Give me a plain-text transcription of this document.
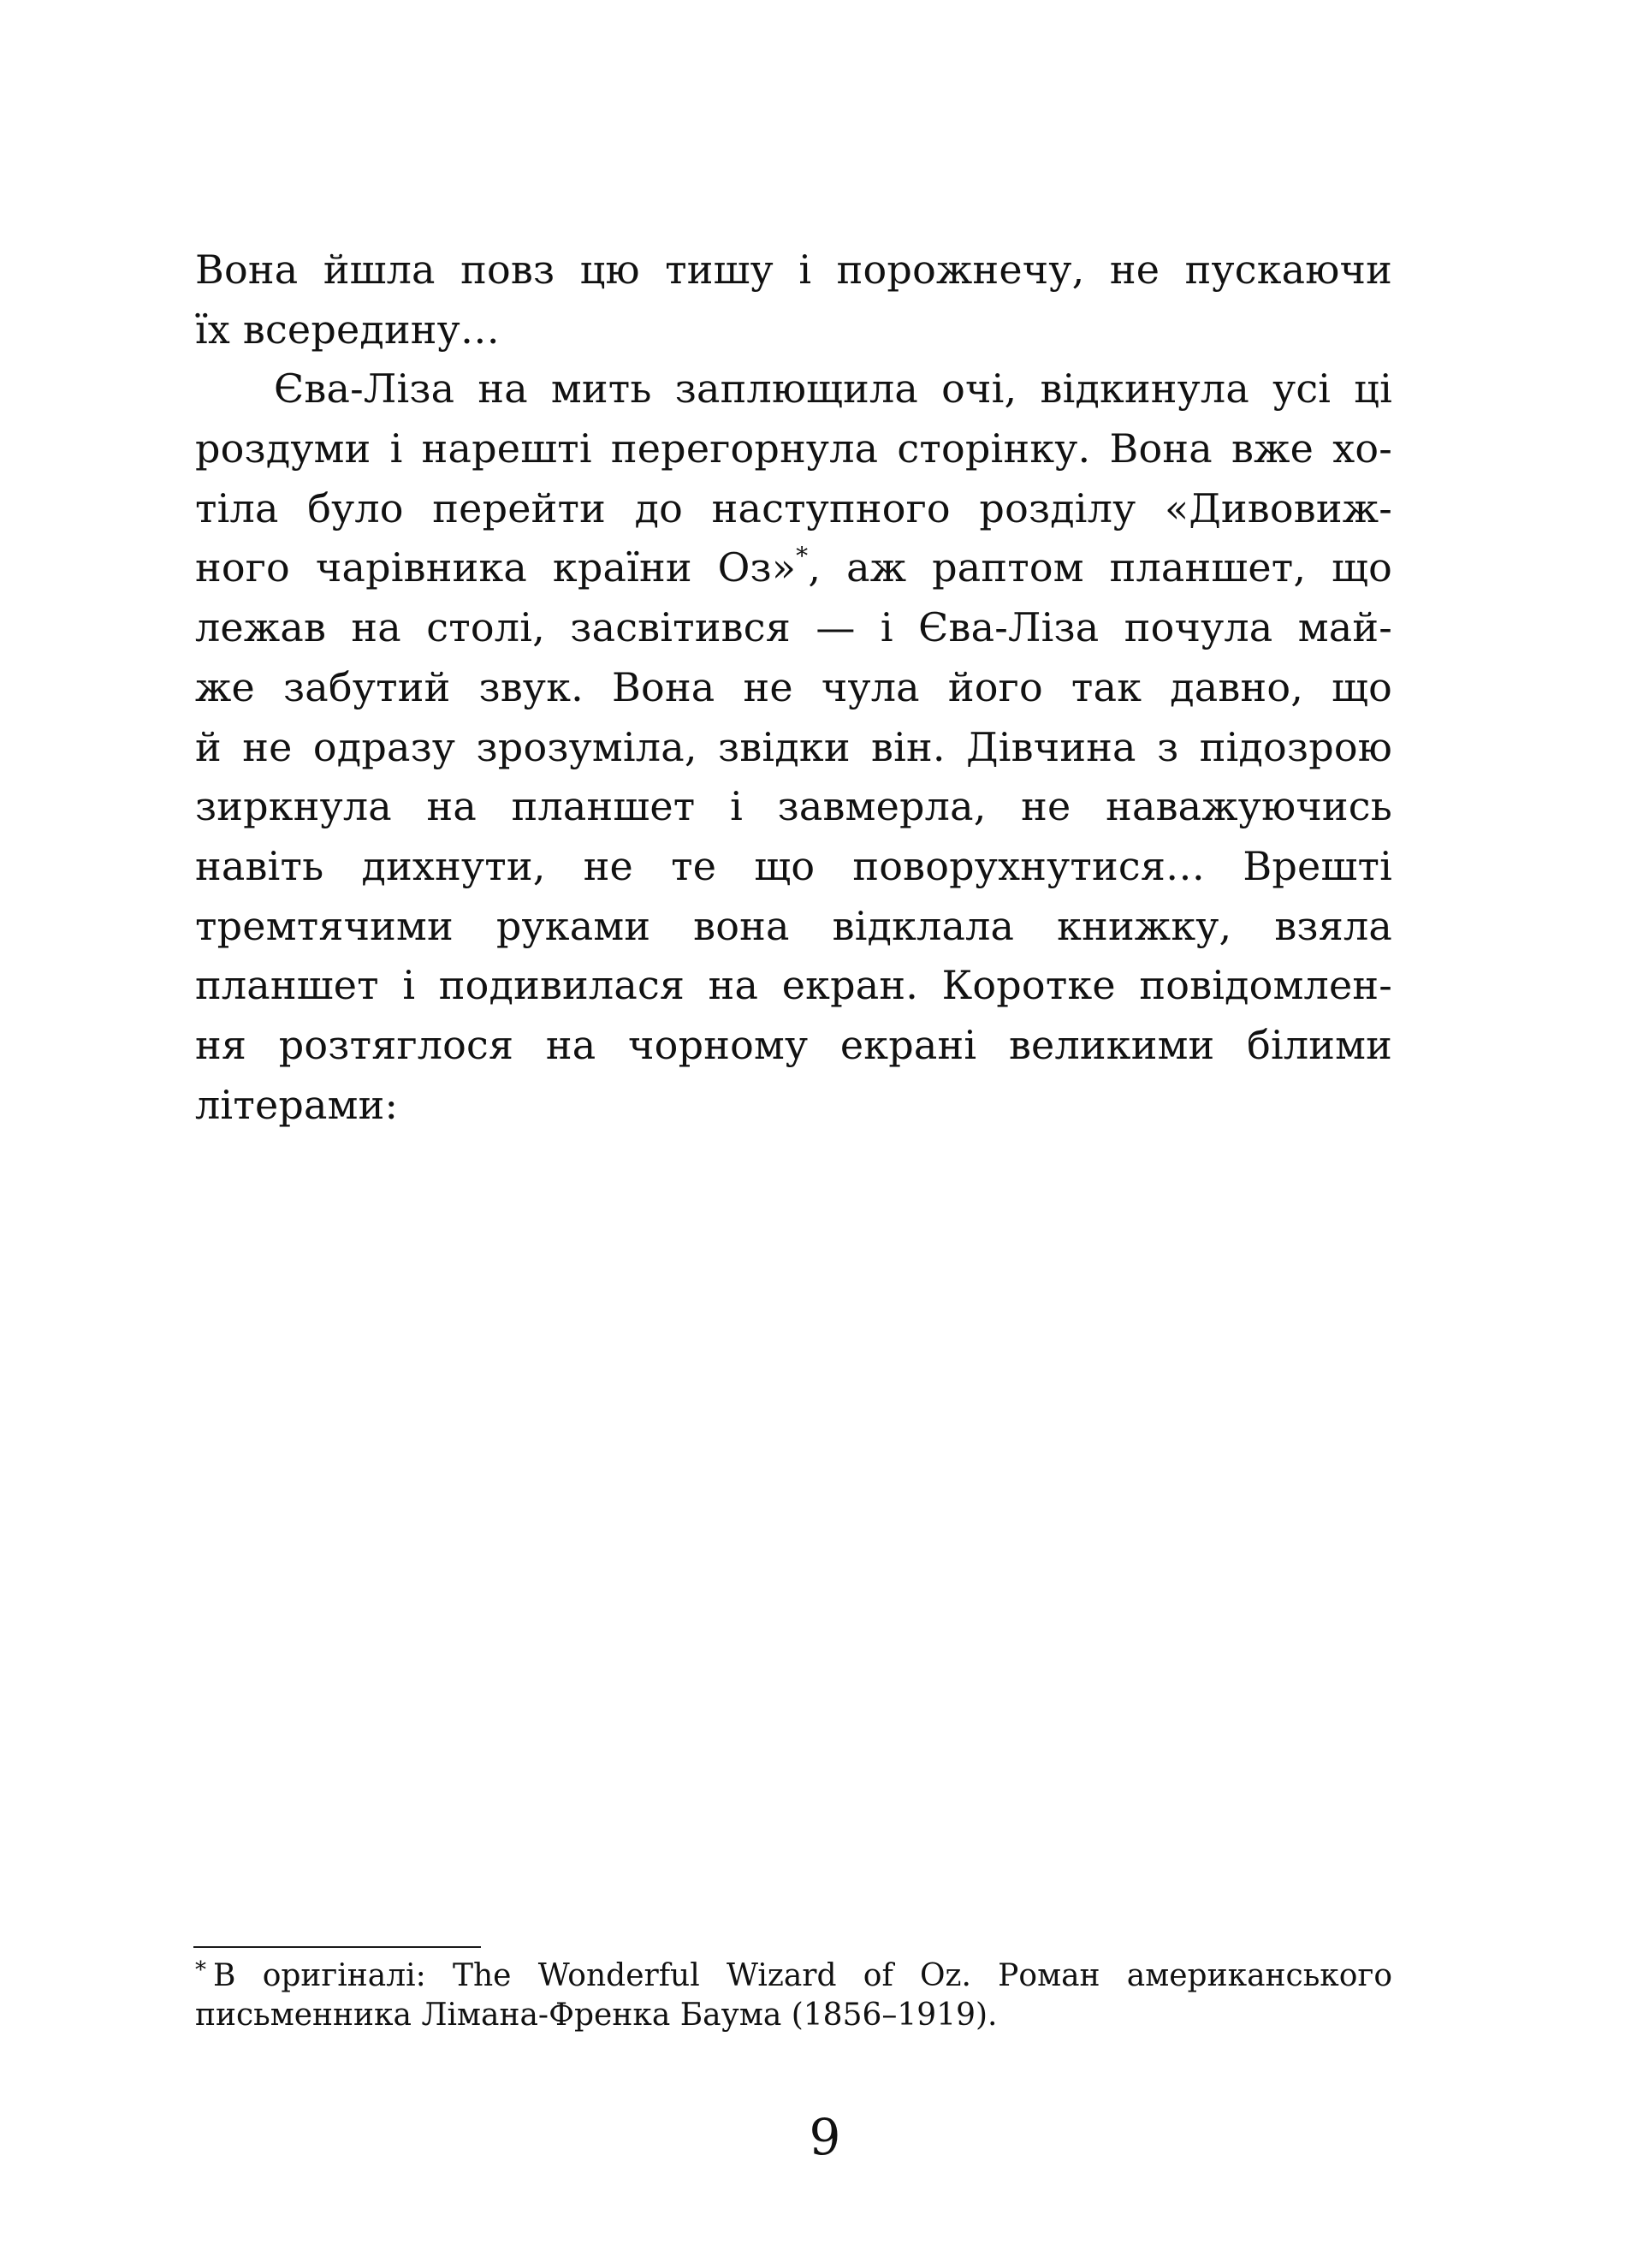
Вона йшла повз цю тишу і порожнечу, не пускаючи
їх всередину…
Єва-Ліза на мить заплющила очі, відкинула усі ці
роздуми і нарешті перегорнула сторінку. Вона вже хо-
тіла було перейти до наступного розділу «Дивовиж-
ного чарівника країни Оз»*, аж раптом планшет, що
лежав на столі, засвітився — і Єва-Ліза почула май-
же забутий звук. Вона не чула його так давно, що
й не одразу зрозуміла, звідки він. Дівчина з підозрою
зиркнула на планшет і завмерла, не наважуючись
навіть дихнути, не те що поворухнутися… Врешті
тремтячими руками вона відклала книжку, взяла
планшет і подивилася на екран. Коротке повідомлен-
ня розтяглося на чорному екрані великими білими
літерами:
* В оригіналі: The Wonderful Wizard of Oz. Роман американського
письменника Лімана-Френка Баума (1856–1919).
9
